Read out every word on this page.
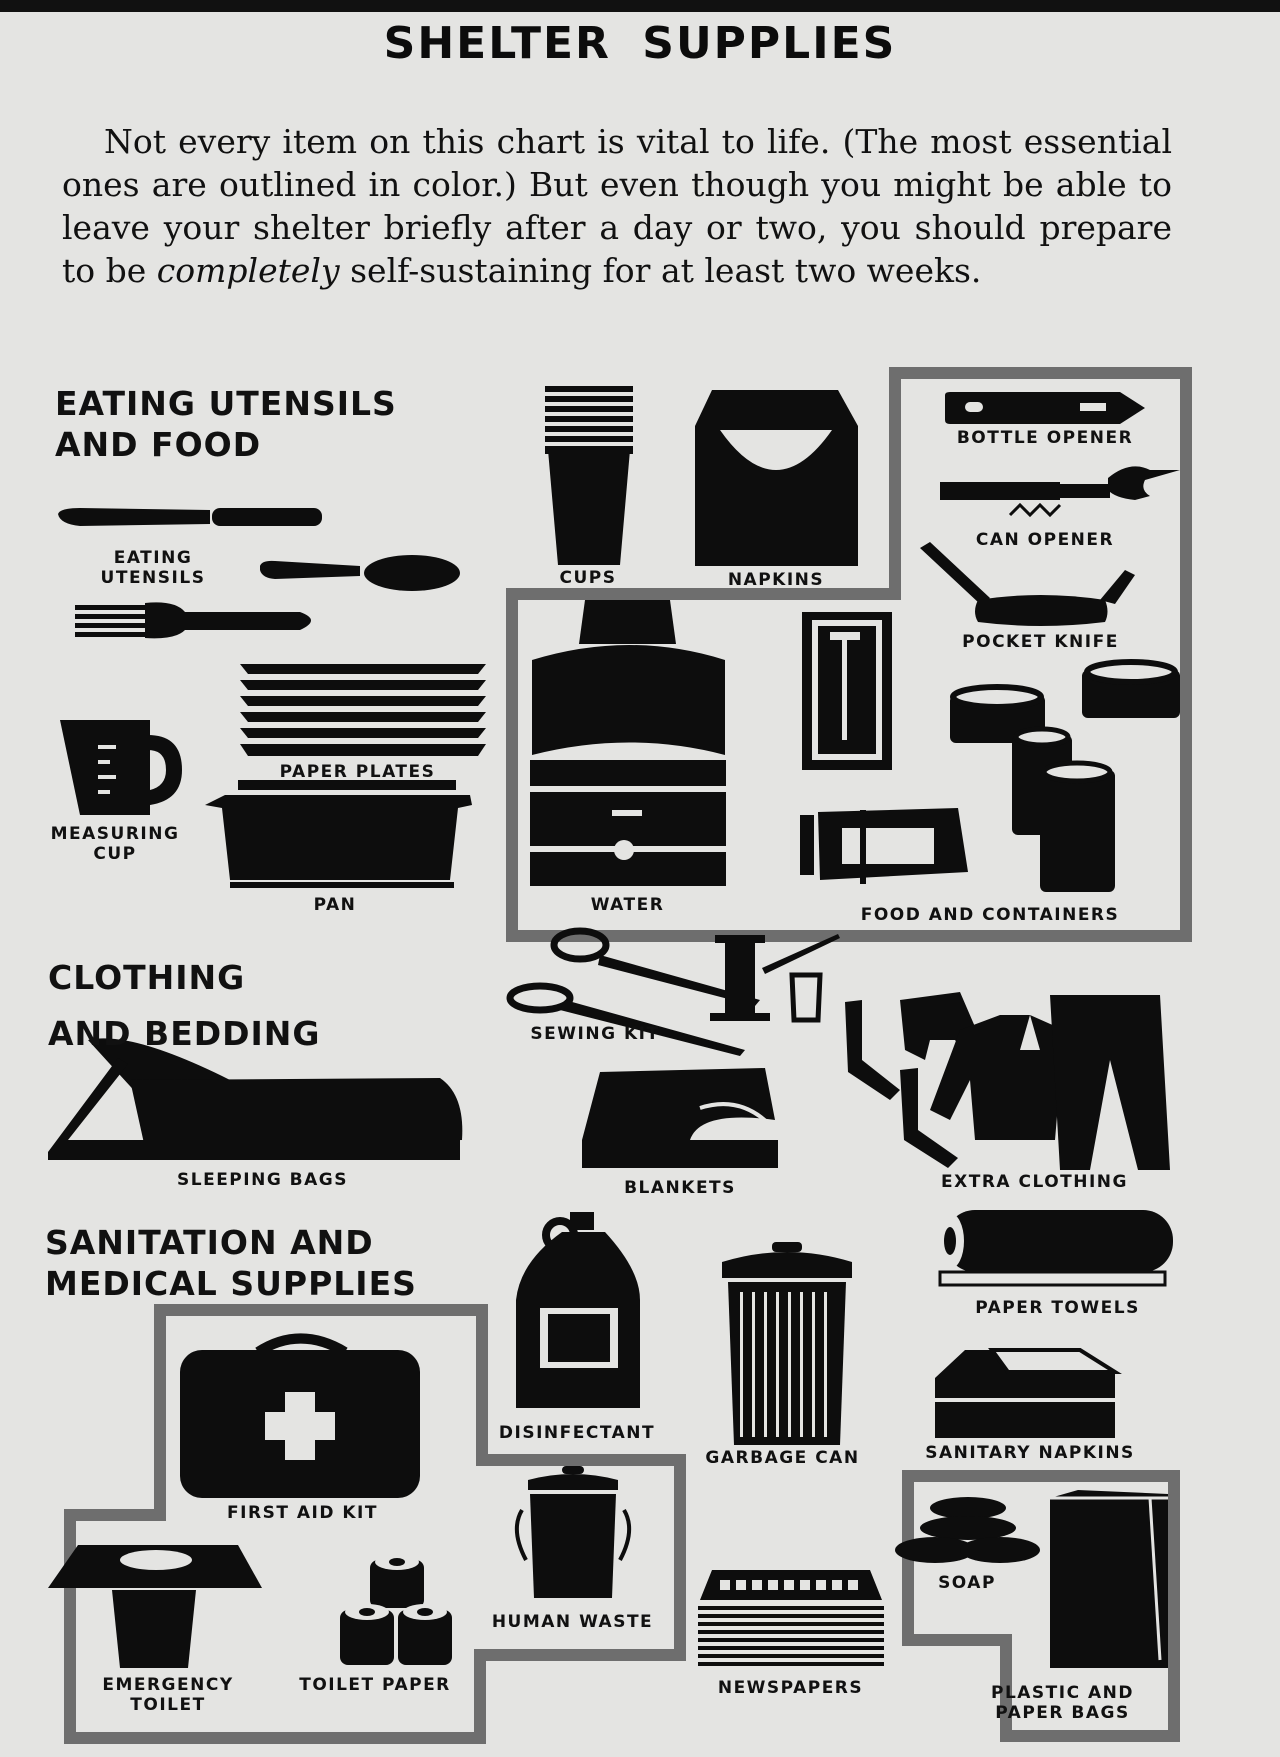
SHELTER SUPPLIES
Not every item on this chart is vital to life. (The most essential ones are outlined in color.) But even though you might be able to leave your shelter briefly after a day or two, you should prepare to be completely self-sustaining for at least two weeks.
EATING UTENSILS
AND FOOD
CLOTHING
AND BEDDING
SANITATION AND
MEDICAL SUPPLIES
EATING
UTENSILS	CUPS	NAPKINS
BOTTLE OPENER
CAN OPENER
POCKET KNIFE
PAPER PLATES
MEASURING
CUP
PAN	WATER	FOOD AND CONTAINERS
SEWING KIT
SLEEPING BAGS	BLANKETS	EXTRA CLOTHING
DISINFECTANT
GARBAGE CAN
PAPER TOWELS
SANITARY NAPKINS
FIRST AID KIT
HUMAN WASTE
SOAP
EMERGENCY
TOILET
TOILET PAPER	NEWSPAPERS	PLASTIC AND
PAPER BAGS
